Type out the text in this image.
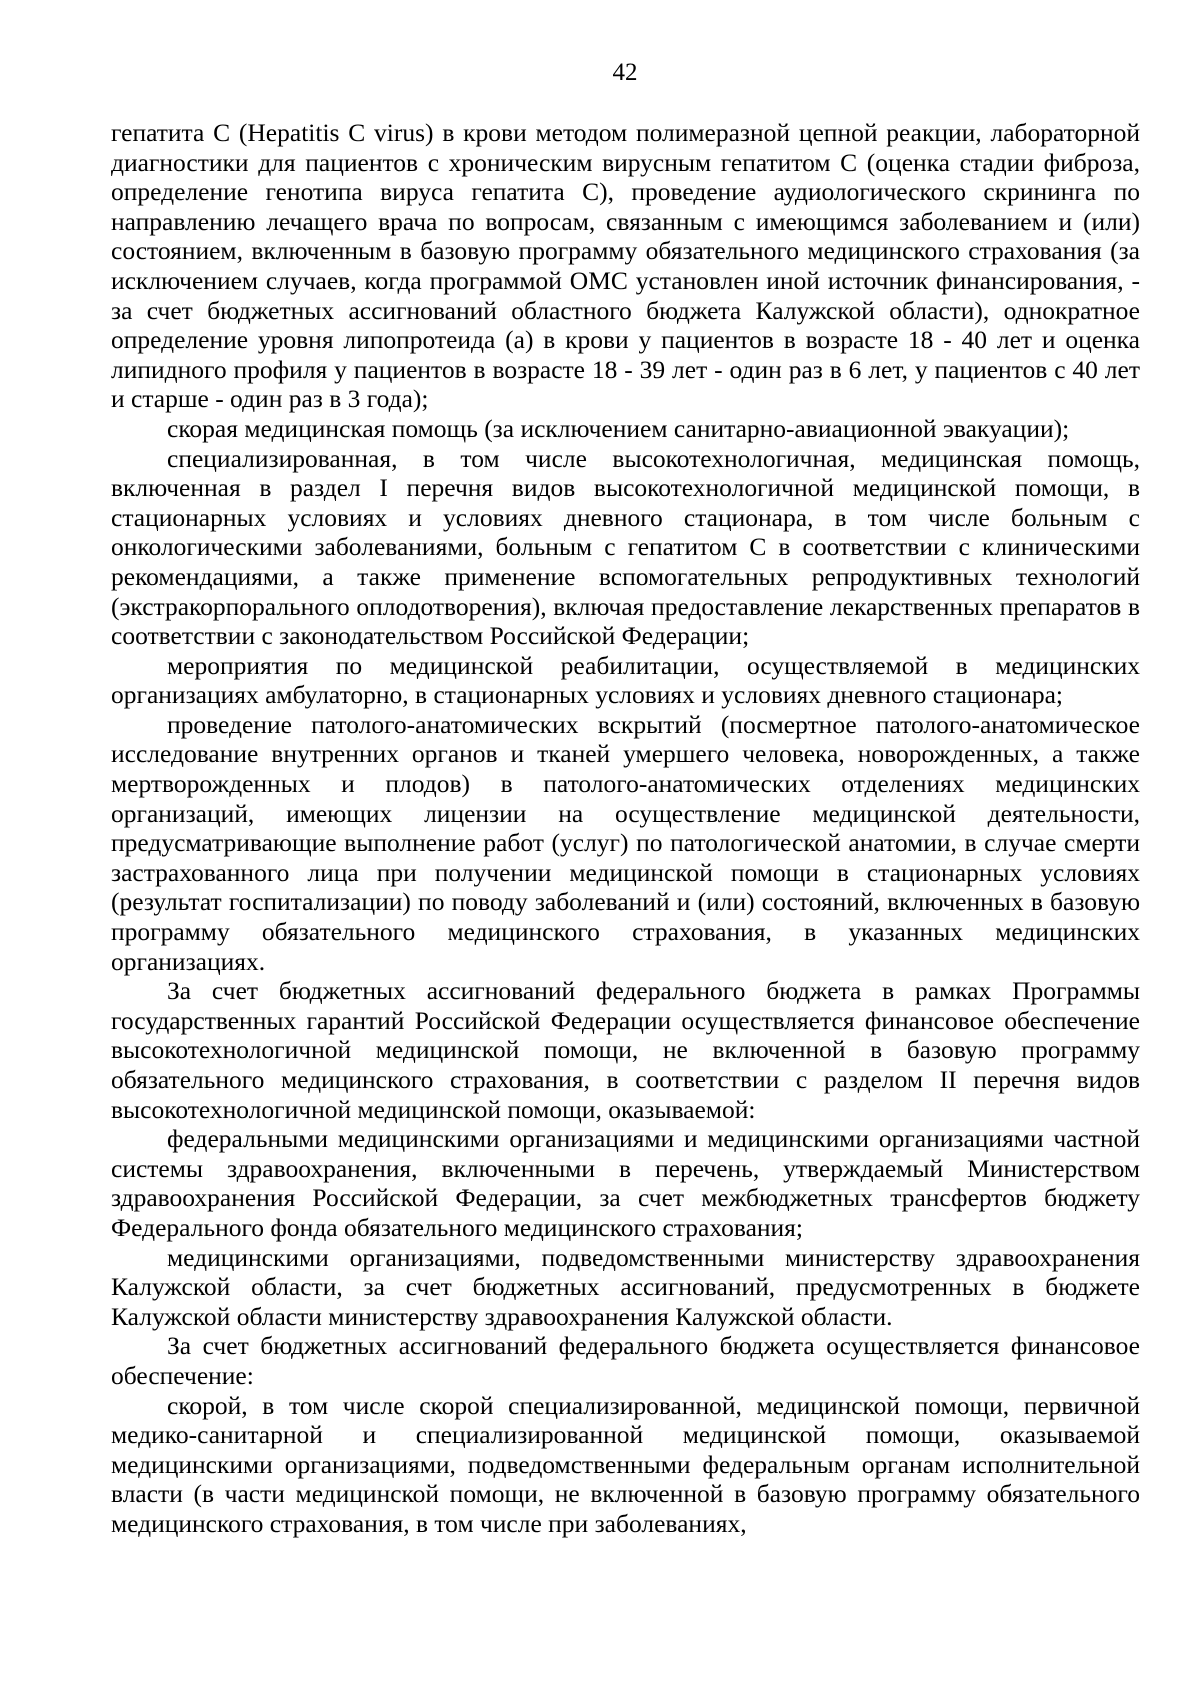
42

гепатита С (Hepatitis C virus) в крови методом полимеразной цепной реакции, лабораторной диагностики для пациентов с хроническим вирусным гепатитом С (оценка стадии фиброза, определение генотипа вируса гепатита С), проведение аудиологического скрининга по направлению лечащего врача по вопросам, связанным с имеющимся заболеванием и (или) состоянием, включенным в базовую программу обязательного медицинского страхования (за исключением случаев, когда программой ОМС установлен иной источник финансирования, - за счет бюджетных ассигнований областного бюджета Калужской области), однократное определение уровня липопротеида (а) в крови у пациентов в возрасте 18 - 40 лет и оценка липидного профиля у пациентов в возрасте 18 - 39 лет - один раз в 6 лет, у пациентов с 40 лет и старше - один раз в 3 года);

скорая медицинская помощь (за исключением санитарно-авиационной эвакуации);

специализированная, в том числе высокотехнологичная, медицинская помощь, включенная в раздел I перечня видов высокотехнологичной медицинской помощи, в стационарных условиях и условиях дневного стационара, в том числе больным с онкологическими заболеваниями, больным с гепатитом С в соответствии с клиническими рекомендациями, а также применение вспомогательных репродуктивных технологий (экстракорпорального оплодотворения), включая предоставление лекарственных препаратов в соответствии с законодательством Российской Федерации;

мероприятия по медицинской реабилитации, осуществляемой в медицинских организациях амбулаторно, в стационарных условиях и условиях дневного стационара;

проведение патолого-анатомических вскрытий (посмертное патолого-анатомическое исследование внутренних органов и тканей умершего человека, новорожденных, а также мертворожденных и плодов) в патолого-анатомических отделениях медицинских организаций, имеющих лицензии на осуществление медицинской деятельности, предусматривающие выполнение работ (услуг) по патологической анатомии, в случае смерти застрахованного лица при получении медицинской помощи в стационарных условиях (результат госпитализации) по поводу заболеваний и (или) состояний, включенных в базовую программу обязательного медицинского страхования, в указанных медицинских организациях.

За счет бюджетных ассигнований федерального бюджета в рамках Программы государственных гарантий Российской Федерации осуществляется финансовое обеспечение высокотехнологичной медицинской помощи, не включенной в базовую программу обязательного медицинского страхования, в соответствии с разделом II перечня видов высокотехнологичной медицинской помощи, оказываемой:

федеральными медицинскими организациями и медицинскими организациями частной системы здравоохранения, включенными в перечень, утверждаемый Министерством здравоохранения Российской Федерации, за счет межбюджетных трансфертов бюджету Федерального фонда обязательного медицинского страхования;

медицинскими организациями, подведомственными министерству здравоохранения Калужской области, за счет бюджетных ассигнований, предусмотренных в бюджете Калужской области министерству здравоохранения Калужской области.

За счет бюджетных ассигнований федерального бюджета осуществляется финансовое обеспечение:

скорой, в том числе скорой специализированной, медицинской помощи, первичной медико-санитарной и специализированной медицинской помощи, оказываемой медицинскими организациями, подведомственными федеральным органам исполнительной власти (в части медицинской помощи, не включенной в базовую программу обязательного медицинского страхования, в том числе при заболеваниях,
